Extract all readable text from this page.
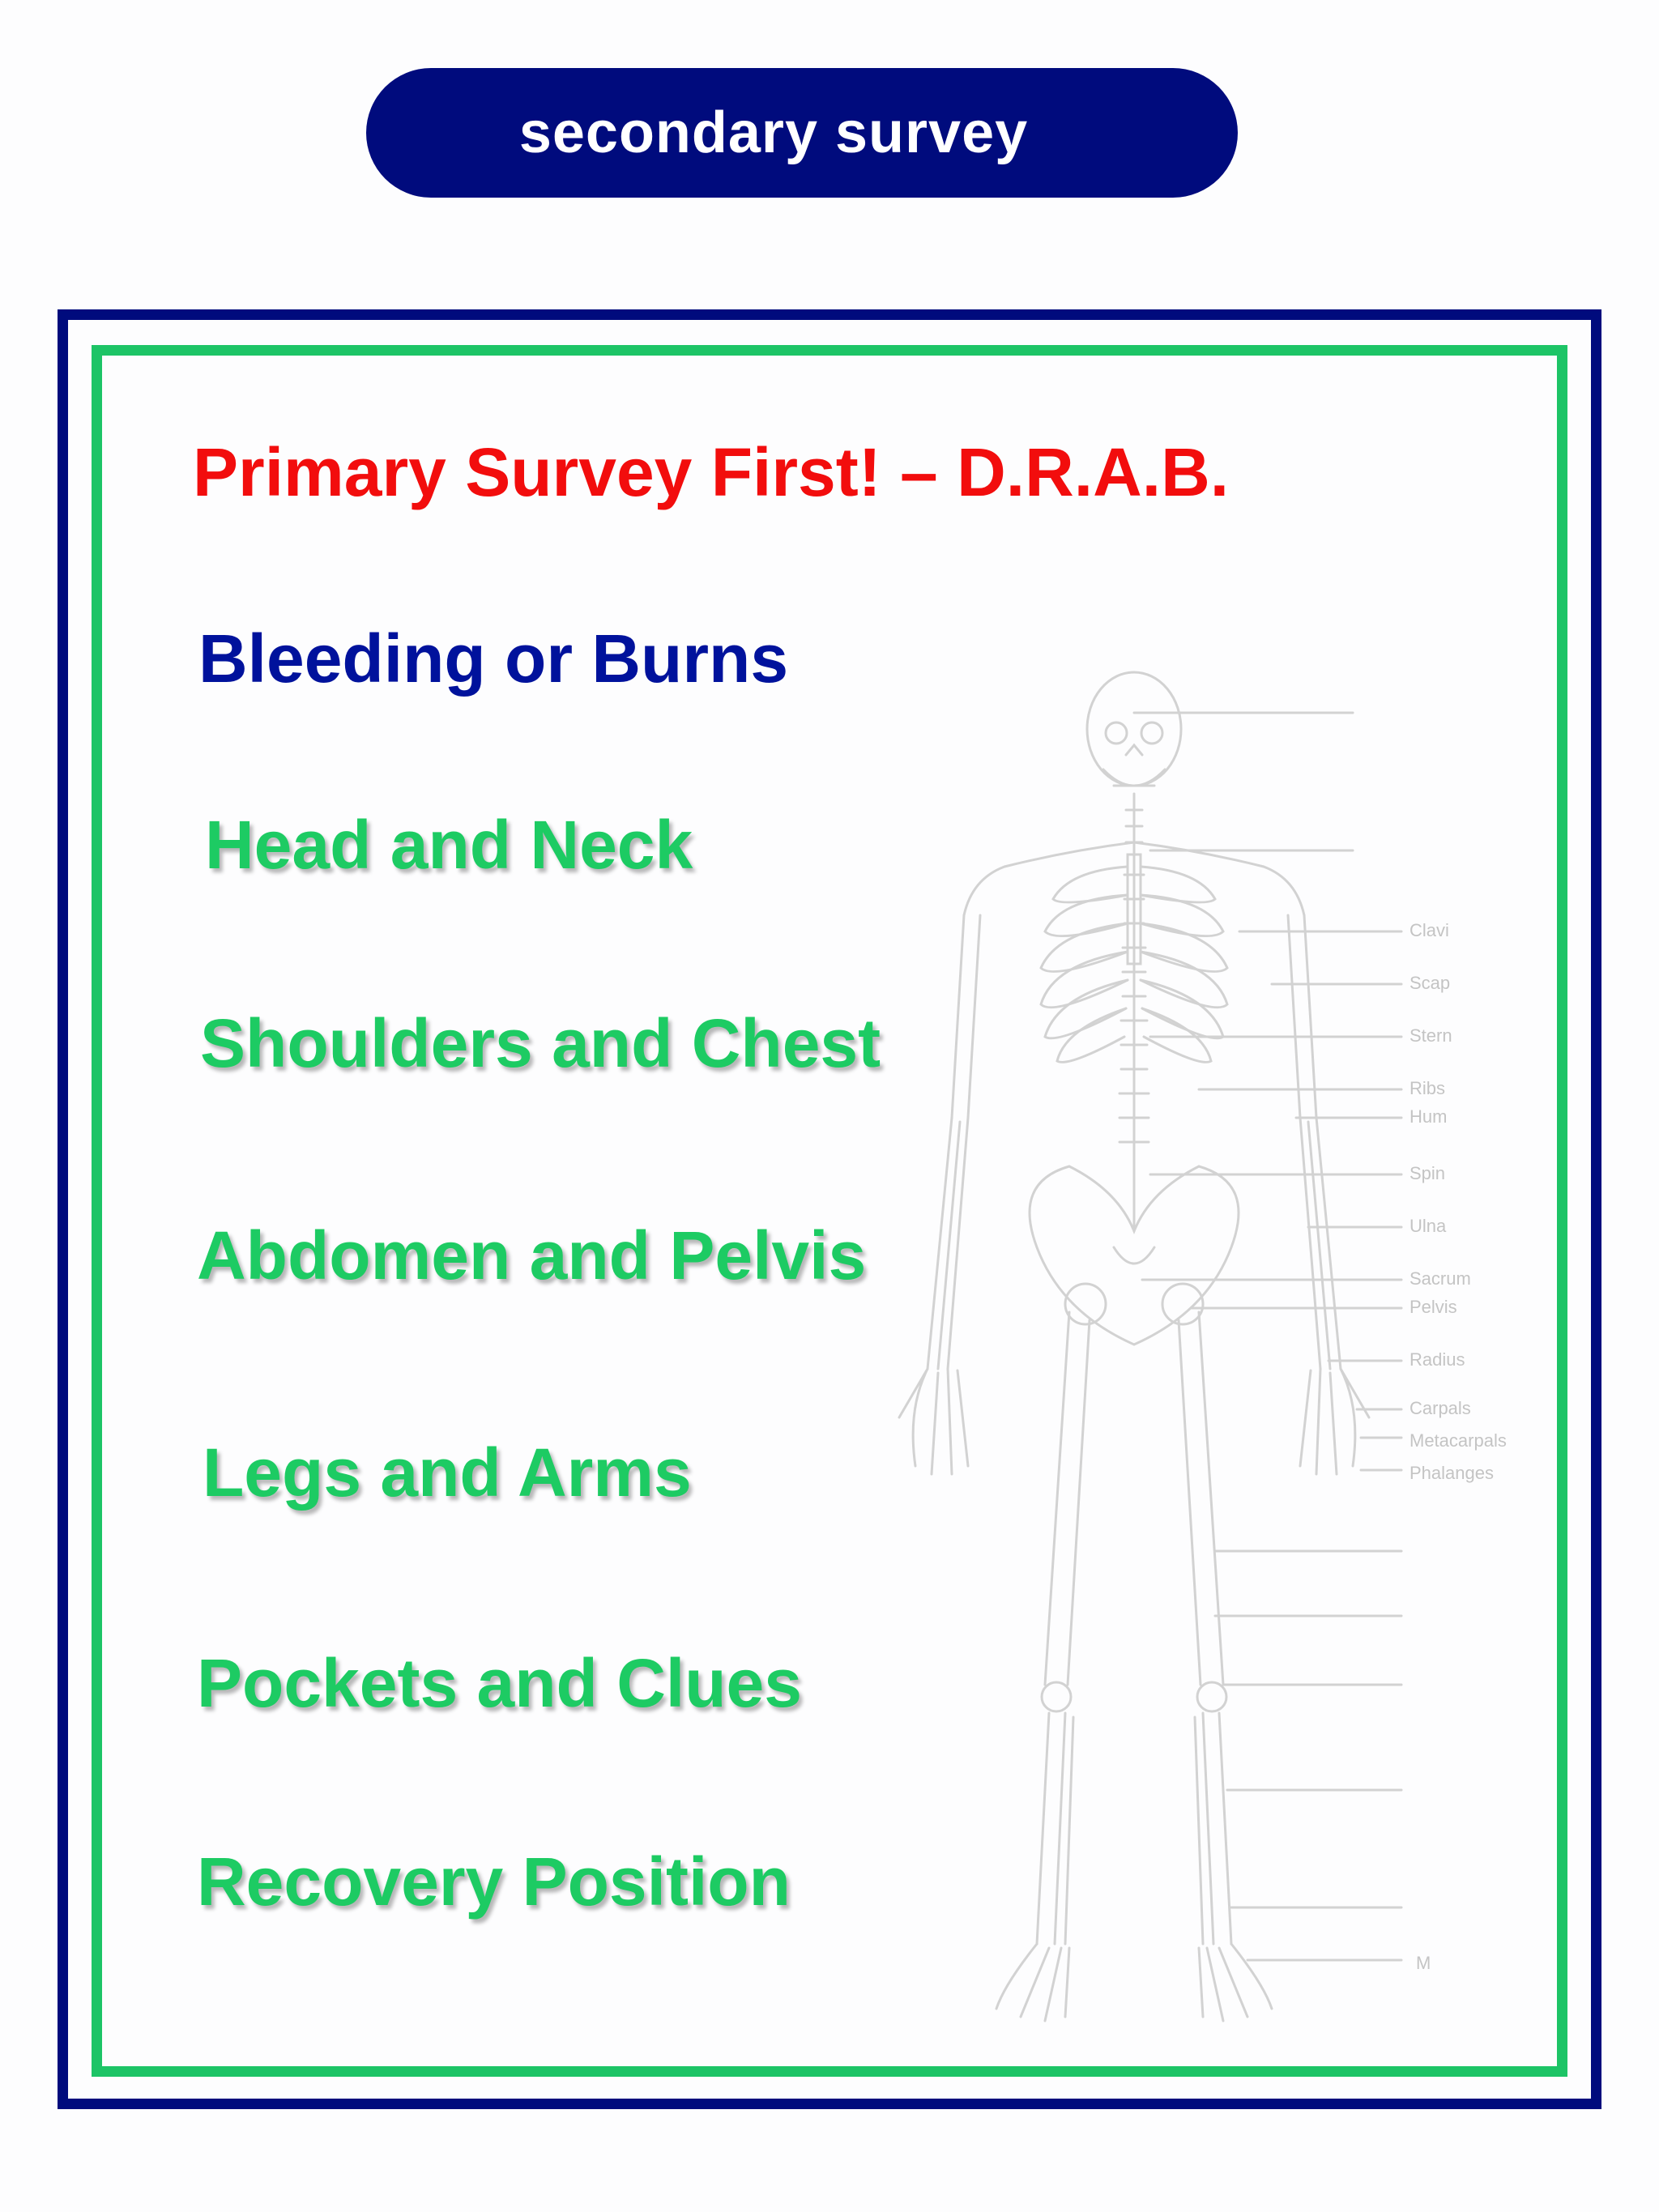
secondary survey
Clavi
Scap
Stern
Ribs
Hum
Spin
Ulna
Sacrum
Pelvis
Radius
Carpals
Metacarpals
Phalanges
M
Primary Survey First! – D.R.A.B.
Bleeding or Burns
Head and Neck
Shoulders and Chest
Abdomen and Pelvis
Legs and Arms
Pockets and Clues
Recovery Position
